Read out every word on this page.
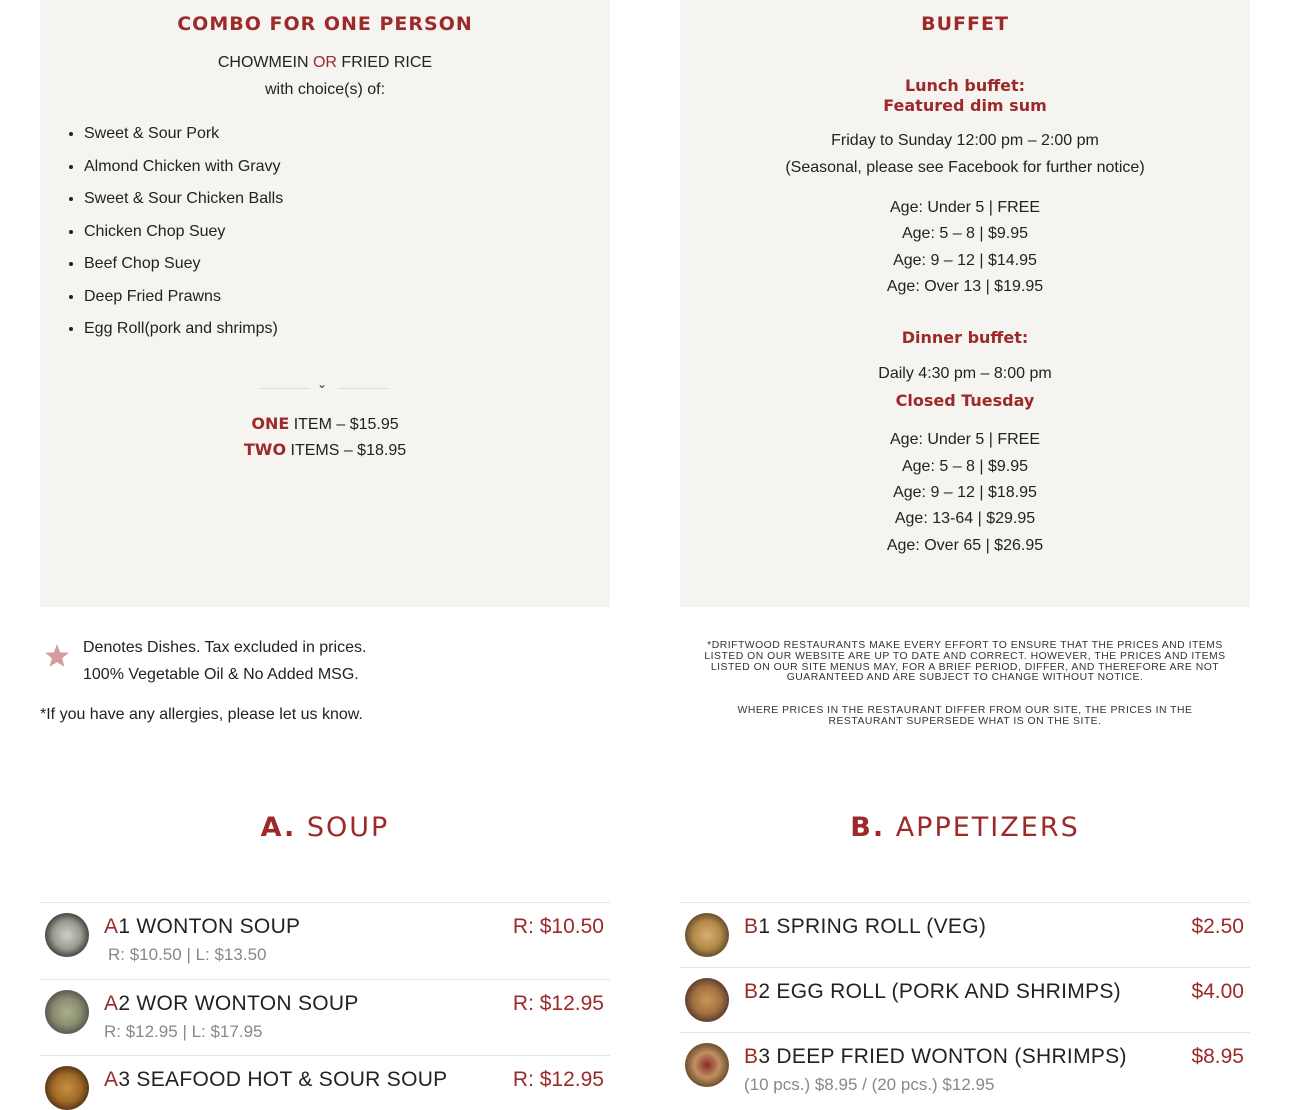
COMBO FOR ONE PERSON
CHOWMEIN OR FRIED RICE
with choice(s) of:
• Sweet & Sour Pork
• Almond Chicken with Gravy
• Sweet & Sour Chicken Balls
• Chicken Chop Suey
• Beef Chop Suey
• Deep Fried Prawns
• Egg Roll(pork and shrimps)
⌄
ONE ITEM – $15.95
TWO ITEMS – $18.95
BUFFET
Lunch buffet:
Featured dim sum
Friday to Sunday 12:00 pm – 2:00 pm
(Seasonal, please see Facebook for further notice)
Age: Under 5 | FREE
Age: 5 – 8 | $9.95
Age: 9 – 12 | $14.95
Age: Over 13 | $19.95
Dinner buffet:
Daily 4:30 pm – 8:00 pm
Closed Tuesday
Age: Under 5 | FREE
Age: 5 – 8 | $9.95
Age: 9 – 12 | $18.95
Age: 13-64 | $29.95
Age: Over 65 | $26.95
Denotes Dishes. Tax excluded in prices.
100% Vegetable Oil & No Added MSG.
*If you have any allergies, please let us know.
*DRIFTWOOD RESTAURANTS MAKE EVERY EFFORT TO ENSURE THAT THE PRICES AND ITEMS LISTED ON OUR WEBSITE ARE UP TO DATE AND CORRECT. HOWEVER, THE PRICES AND ITEMS LISTED ON OUR SITE MENUS MAY, FOR A BRIEF PERIOD, DIFFER, AND THEREFORE ARE NOT GUARANTEED AND ARE SUBJECT TO CHANGE WITHOUT NOTICE.
WHERE PRICES IN THE RESTAURANT DIFFER FROM OUR SITE, THE PRICES IN THE RESTAURANT SUPERSEDE WHAT IS ON THE SITE.
A. SOUP	B. APPETIZERS
A1 WONTON SOUP	R: $10.50
R: $10.50 | L: $13.50
A2 WOR WONTON SOUP	R: $12.95
R: $12.95 | L: $17.95
A3 SEAFOOD HOT & SOUR SOUP	R: $12.95
B1 SPRING ROLL (VEG)	$2.50
B2 EGG ROLL (PORK AND SHRIMPS)	$4.00
B3 DEEP FRIED WONTON (SHRIMPS)	$8.95
(10 pcs.) $8.95 / (20 pcs.) $12.95
